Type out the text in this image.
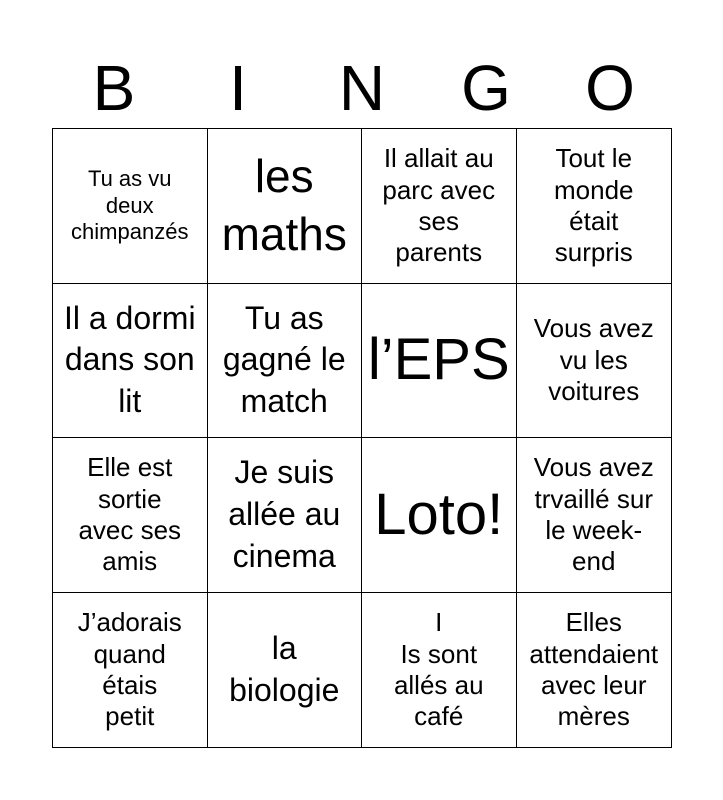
B	I	N	G	O
Tu as vu
deux
chimpanzés
les
maths
Il allait au
parc avec
ses
parents
Tout le
monde
était
surpris
Il a dormi
dans son
lit
Tu as
gagné le
match
l’EPS Vous avez
vu les
voitures
Elle est
sortie
avec ses
amis
Je suis
allée au
cinema
Loto!
Vous avez
trvaillé sur
le week-
end
J’adorais
quand
étais
petit
la
biologie
I
Is sont
allés au
café
Elles
attendaient
avec leur
mères
